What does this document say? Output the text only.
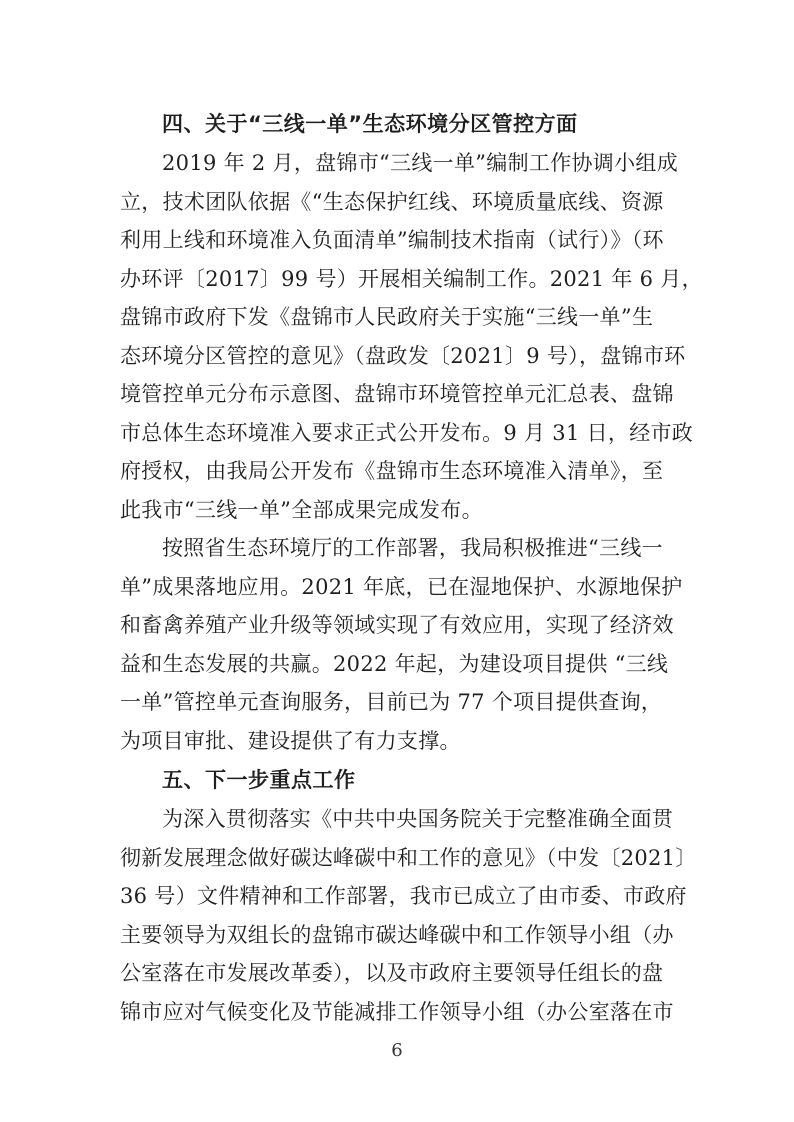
四、关于“三线一单”生态环境分区管控方面
2019 年 2 月，盘锦市“三线一单”编制工作协调小组成
立，技术团队依据《“生态保护红线、环境质量底线、资源
利用上线和环境准入负面清单”编制技术指南（试行）》（环
办环评〔2017〕99 号）开展相关编制工作。2021 年 6 月，
盘锦市政府下发《盘锦市人民政府关于实施“三线一单”生
态环境分区管控的意见》（盘政发〔2021〕9 号），盘锦市环
境管控单元分布示意图、盘锦市环境管控单元汇总表、盘锦
市总体生态环境准入要求正式公开发布。9 月 31 日，经市政
府授权，由我局公开发布《盘锦市生态环境准入清单》，至
此我市“三线一单”全部成果完成发布。
按照省生态环境厅的工作部署，我局积极推进“三线一
单”成果落地应用。2021 年底，已在湿地保护、水源地保护
和畜禽养殖产业升级等领域实现了有效应用，实现了经济效
益和生态发展的共赢。2022 年起，为建设项目提供 “三线
一单”管控单元查询服务，目前已为 77 个项目提供查询，
为项目审批、建设提供了有力支撑。
五、下一步重点工作
为深入贯彻落实《中共中央国务院关于完整准确全面贯
彻新发展理念做好碳达峰碳中和工作的意见》（中发〔2021〕
36 号）文件精神和工作部署，我市已成立了由市委、市政府
主要领导为双组长的盘锦市碳达峰碳中和工作领导小组（办
公室落在市发展改革委），以及市政府主要领导任组长的盘
锦市应对气候变化及节能减排工作领导小组（办公室落在市
6
